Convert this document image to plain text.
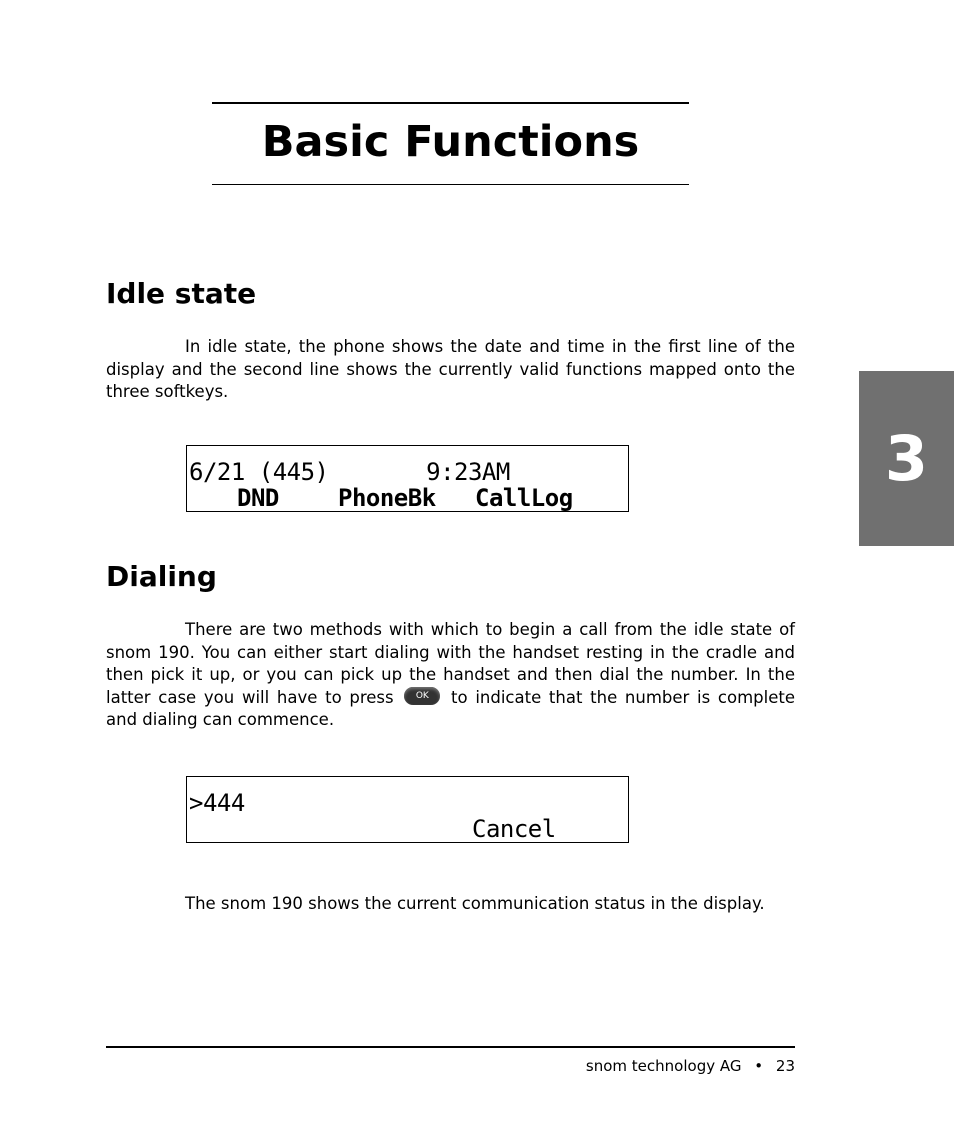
Basic Functions
3
Idle state

In idle state, the phone shows the date and time in the first line of the display and the second line shows the currently valid functions mapped onto the three softkeys.

6/21 (445)       9:23AM
DND PhoneBk CallLog
Dialing

There are two methods with which to begin a call from the idle state of snom 190. You can either start dialing with the handset resting in the cradle and then pick it up, or you can pick up the handset and then dial the number. In the latter case you will have to press OK to indicate that the number is complete and dialing can commence.

>444
Cancel

The snom 190 shows the current communication status in the display.

snom technology AG • 23
